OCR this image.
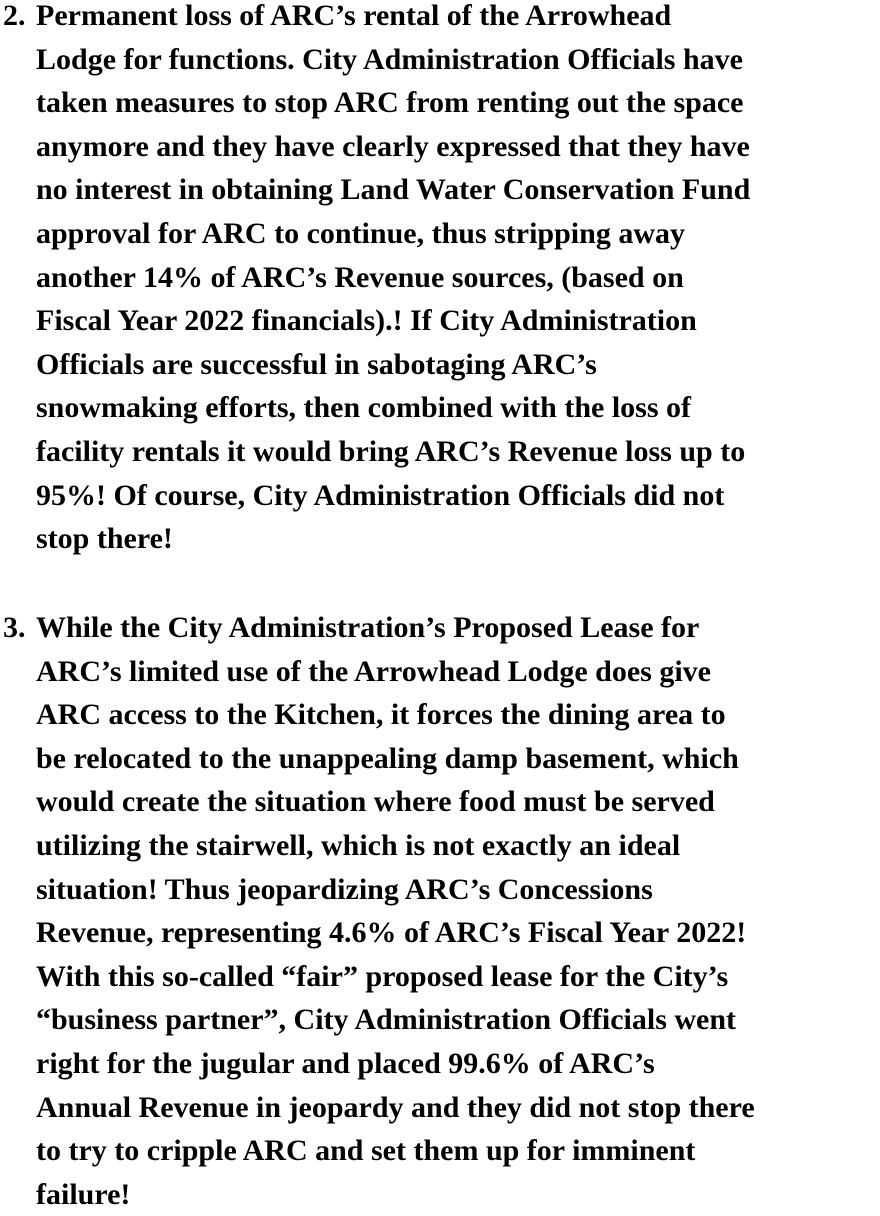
2. Permanent loss of ARC’s rental of the Arrowhead
Lodge for functions. City Administration Officials have
taken measures to stop ARC from renting out the space
anymore and they have clearly expressed that they have
no interest in obtaining Land Water Conservation Fund
approval for ARC to continue, thus stripping away
another 14% of ARC’s Revenue sources, (based on
Fiscal Year 2022 financials).! If City Administration
Officials are successful in sabotaging ARC’s
snowmaking efforts, then combined with the loss of
facility rentals it would bring ARC’s Revenue loss up to
95%! Of course, City Administration Officials did not
stop there!
3. While the City Administration’s Proposed Lease for
ARC’s limited use of the Arrowhead Lodge does give
ARC access to the Kitchen, it forces the dining area to
be relocated to the unappealing damp basement, which
would create the situation where food must be served
utilizing the stairwell, which is not exactly an ideal
situation! Thus jeopardizing ARC’s Concessions
Revenue, representing 4.6% of ARC’s Fiscal Year 2022!
With this so-called “fair” proposed lease for the City’s
“business partner”, City Administration Officials went
right for the jugular and placed 99.6% of ARC’s
Annual Revenue in jeopardy and they did not stop there
to try to cripple ARC and set them up for imminent
failure!
